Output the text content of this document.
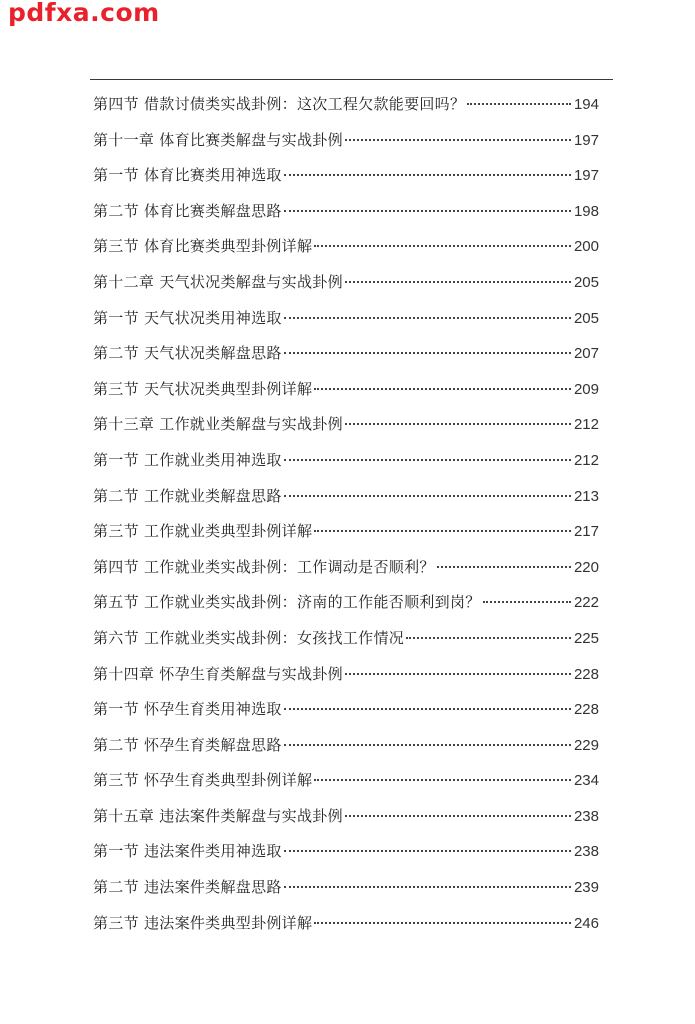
pdfxa.com
第四节 借款讨债类实战卦例：这次工程欠款能要回吗？	194
第十一章 体育比赛类解盘与实战卦例	197
第一节 体育比赛类用神选取	197
第二节 体育比赛类解盘思路	198
第三节 体育比赛类典型卦例详解	200
第十二章 天气状况类解盘与实战卦例	205
第一节 天气状况类用神选取	205
第二节 天气状况类解盘思路	207
第三节 天气状况类典型卦例详解	209
第十三章 工作就业类解盘与实战卦例	212
第一节 工作就业类用神选取	212
第二节 工作就业类解盘思路	213
第三节 工作就业类典型卦例详解	217
第四节 工作就业类实战卦例：工作调动是否顺利？	220
第五节 工作就业类实战卦例：济南的工作能否顺利到岗？	222
第六节 工作就业类实战卦例：女孩找工作情况	225
第十四章 怀孕生育类解盘与实战卦例	228
第一节 怀孕生育类用神选取	228
第二节 怀孕生育类解盘思路	229
第三节 怀孕生育类典型卦例详解	234
第十五章 违法案件类解盘与实战卦例	238
第一节 违法案件类用神选取	238
第二节 违法案件类解盘思路	239
第三节 违法案件类典型卦例详解	246
